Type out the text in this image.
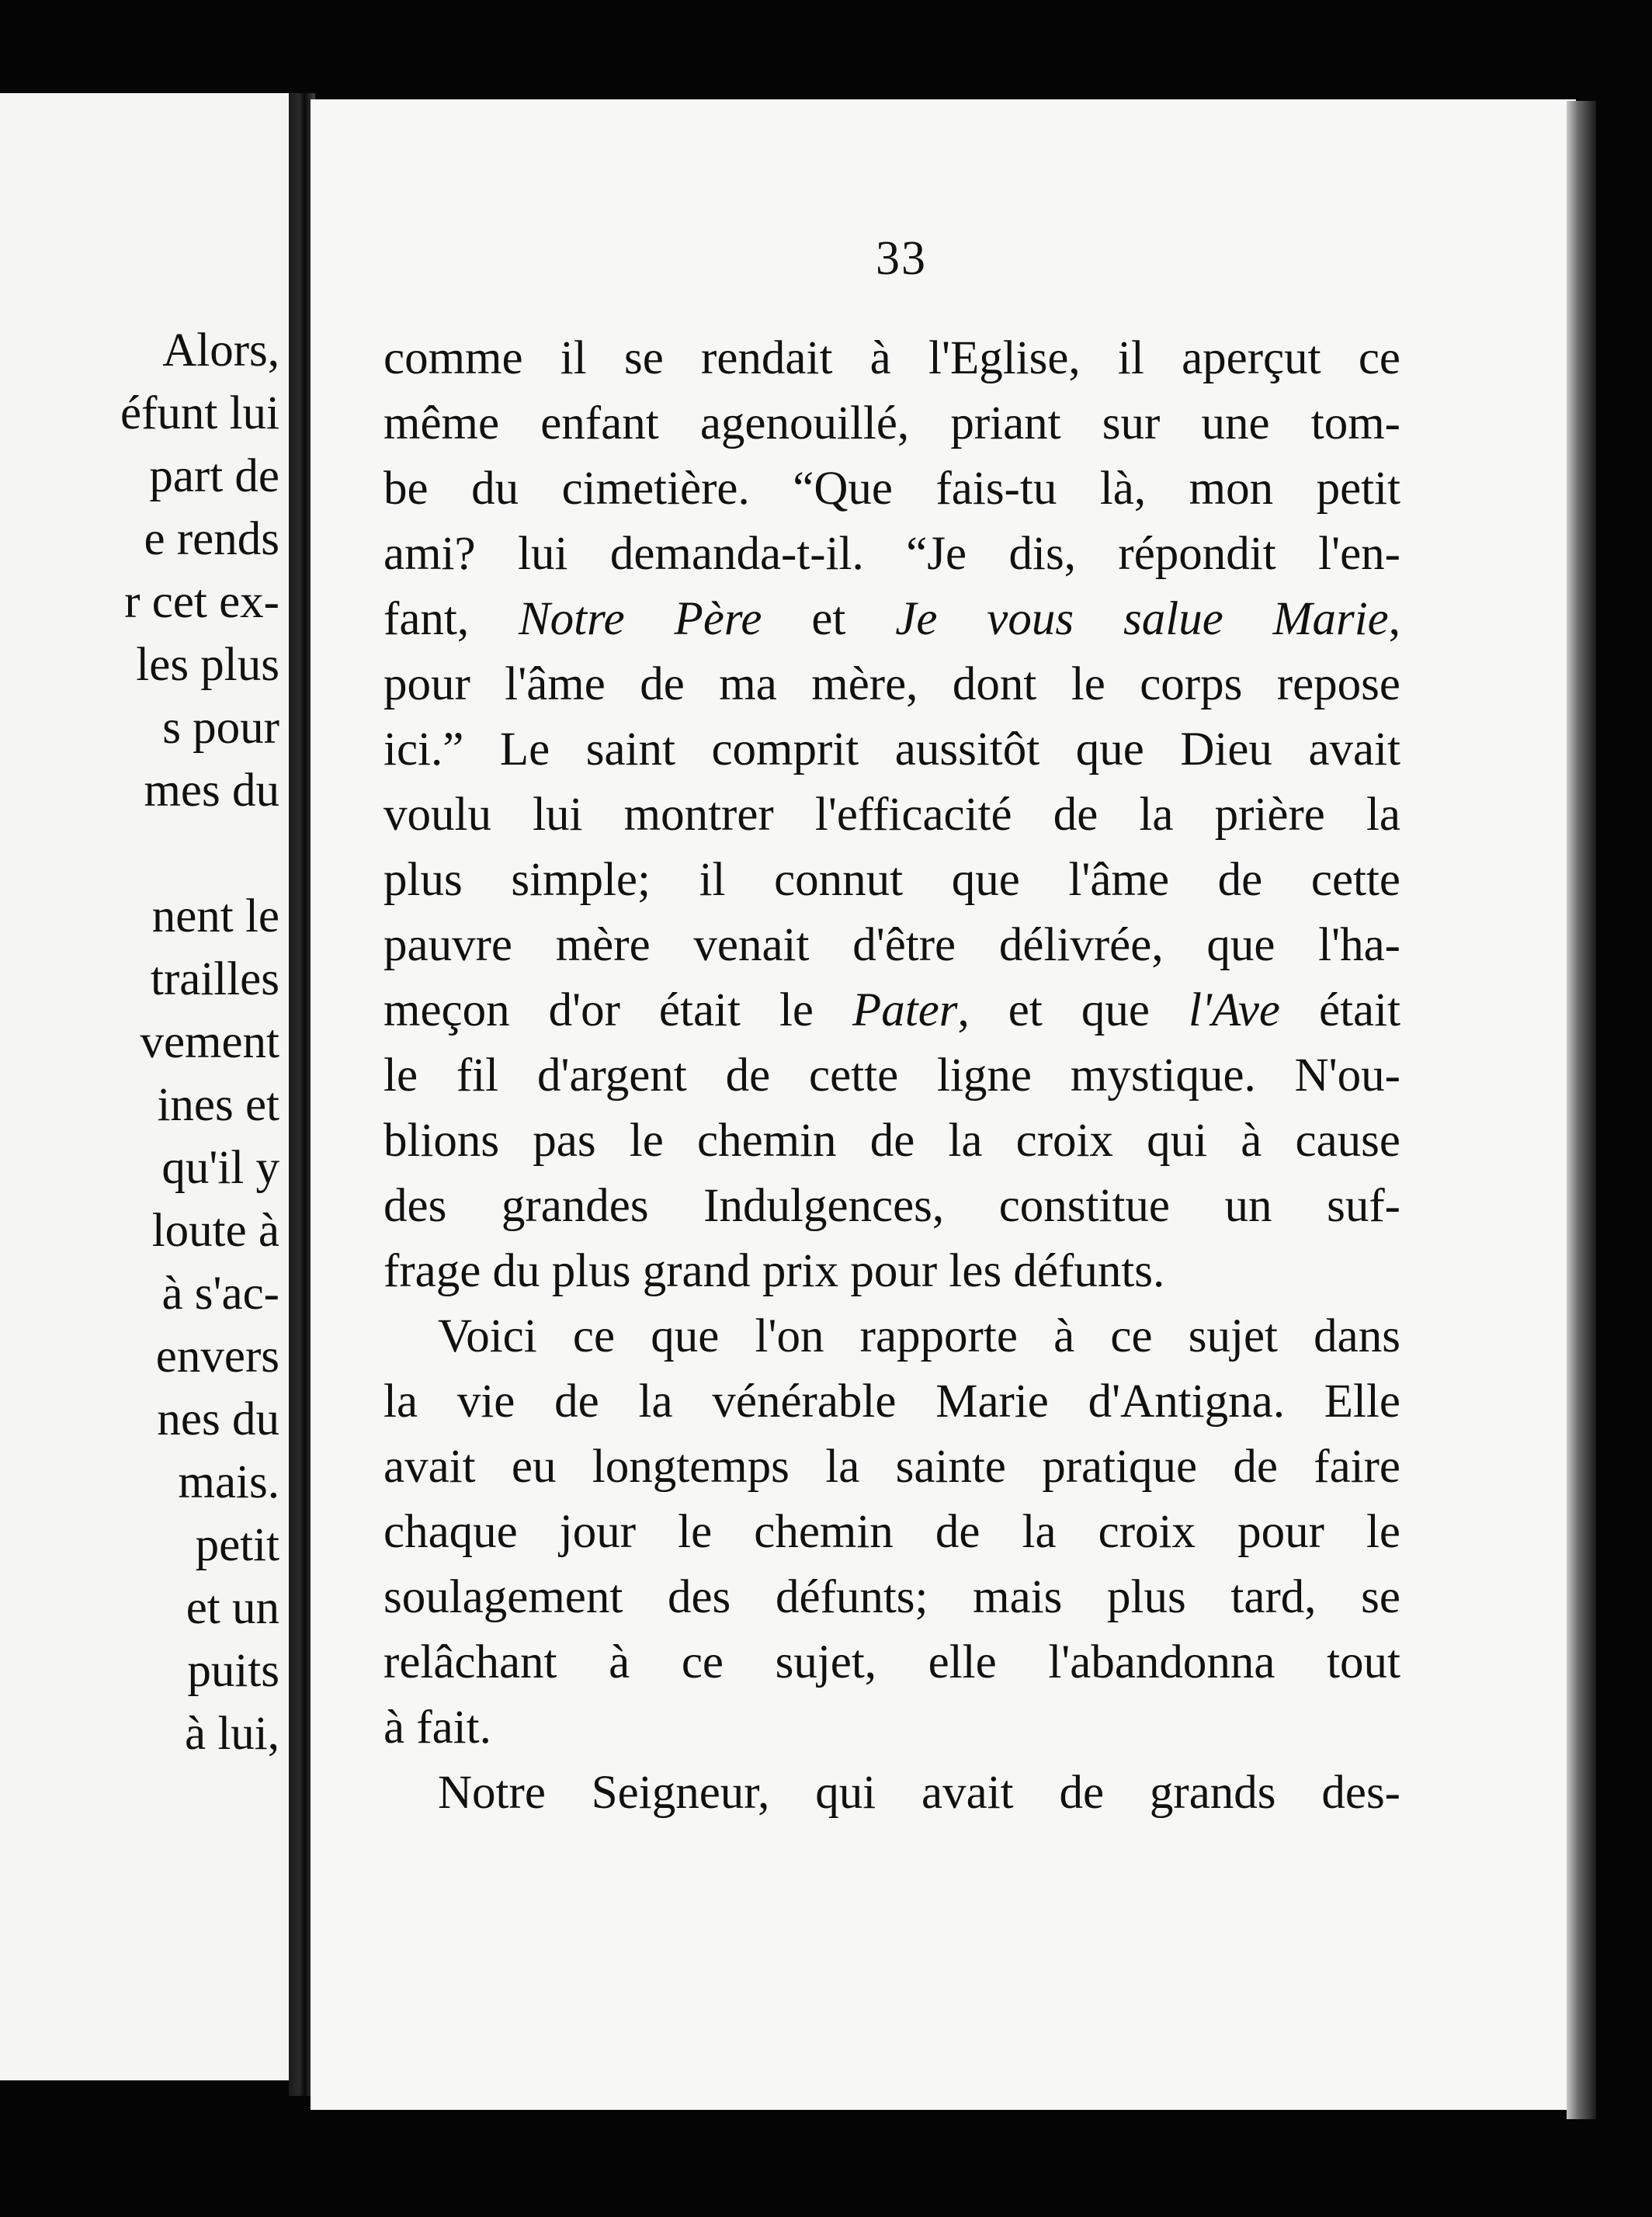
Alors,
éfunt lui
part de
e rends
r cet ex-
les plus
s pour
mes du
nent le
trailles
vement
ines et
qu'il y
loute à
à s'ac-
envers
nes du
mais.
petit
et un
puits
à lui,
33
comme il se rendait à l'Eglise, il aperçut ce
même enfant agenouillé, priant sur une tom-
be du cimetière. “Que fais-tu là, mon petit
ami? lui demanda-t-il. “Je dis, répondit l'en-
fant, Notre Père et Je vous salue Marie,
pour l'âme de ma mère, dont le corps repose
ici.” Le saint comprit aussitôt que Dieu avait
voulu lui montrer l'efficacité de la prière la
plus simple; il connut que l'âme de cette
pauvre mère venait d'être délivrée, que l'ha-
meçon d'or était le Pater, et que l'Ave était
le fil d'argent de cette ligne mystique. N'ou-
blions pas le chemin de la croix qui à cause
des grandes Indulgences, constitue un suf-
frage du plus grand prix pour les défunts.
Voici ce que l'on rapporte à ce sujet dans
la vie de la vénérable Marie d'Antigna. Elle
avait eu longtemps la sainte pratique de faire
chaque jour le chemin de la croix pour le
soulagement des défunts; mais plus tard, se
relâchant à ce sujet, elle l'abandonna tout
à fait.
Notre Seigneur, qui avait de grands des-
